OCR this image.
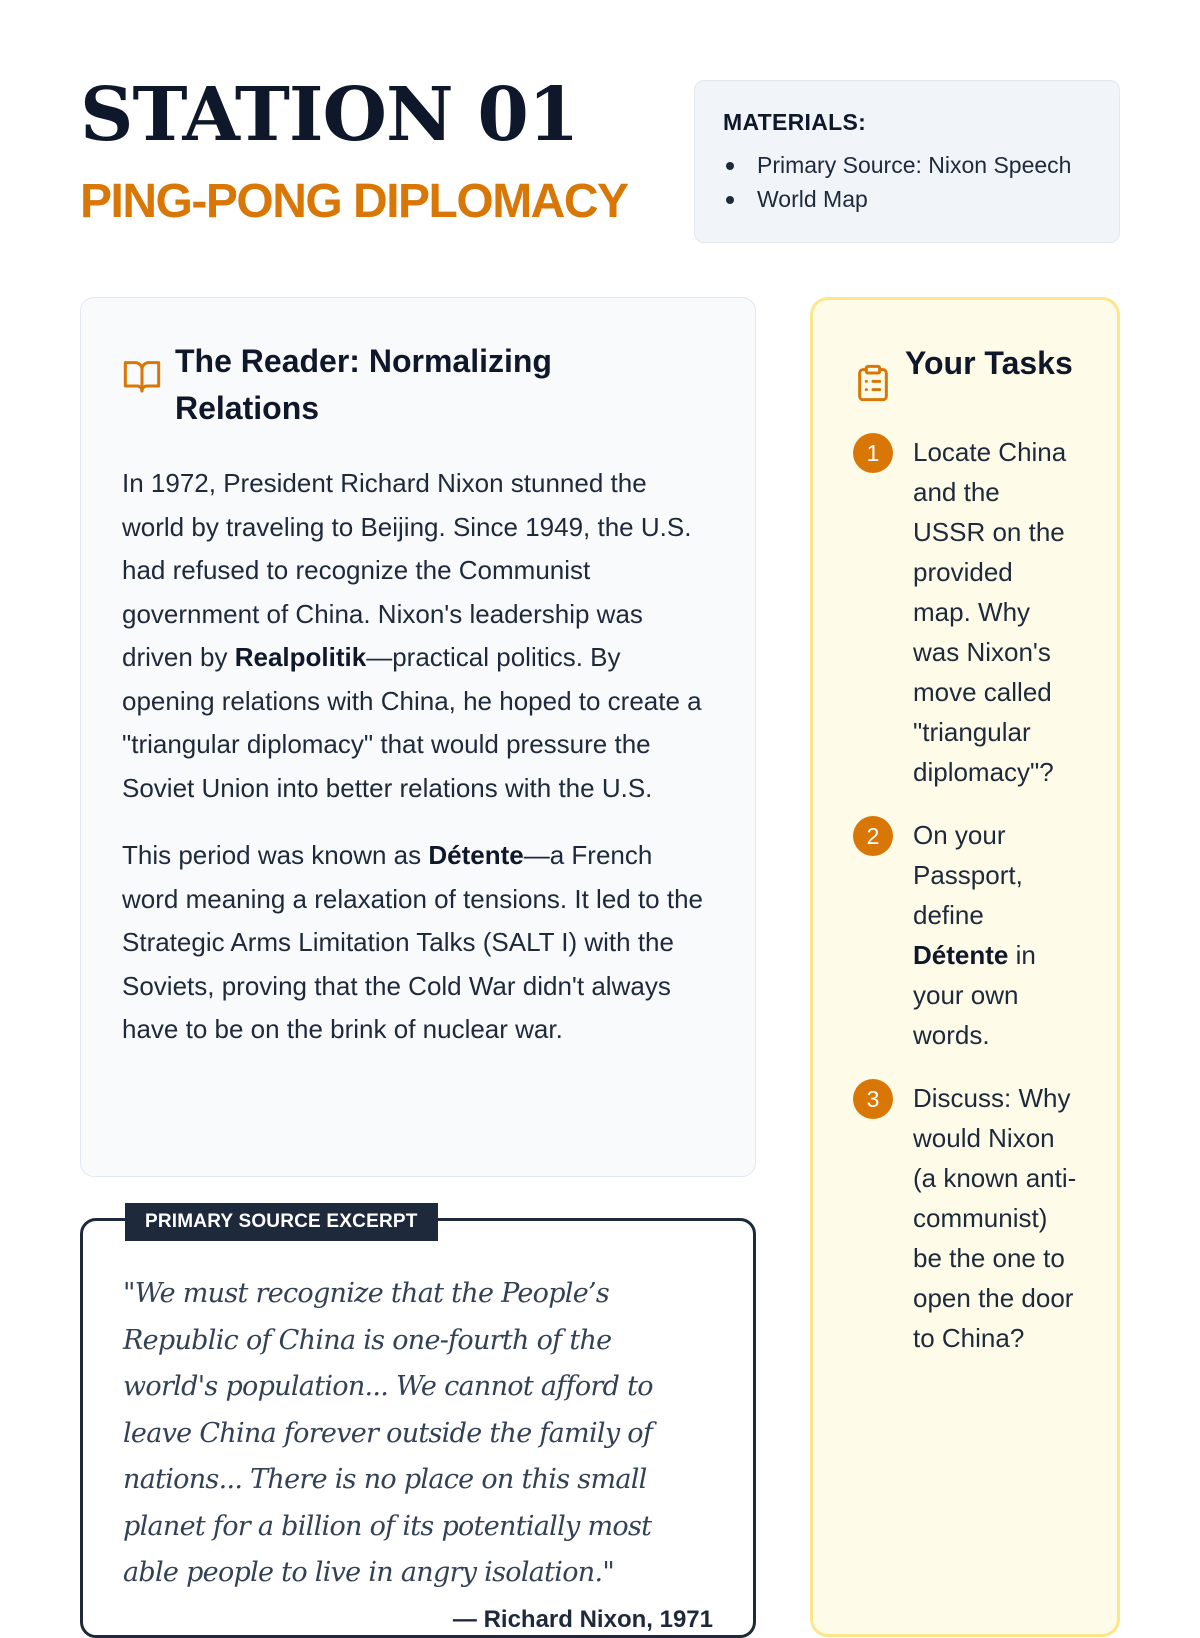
STATION 01
PING-PONG DIPLOMACY
MATERIALS:
Primary Source: Nixon Speech
World Map
The Reader: Normalizing Relations

In 1972, President Richard Nixon stunned the world by traveling to Beijing. Since 1949, the U.S. had refused to recognize the Communist government of China. Nixon's leadership was driven by Realpolitik—practical politics. By opening relations with China, he hoped to create a "triangular diplomacy" that would pressure the Soviet Union into better relations with the U.S.

This period was known as Détente—a French word meaning a relaxation of tensions. It led to the Strategic Arms Limitation Talks (SALT I) with the Soviets, proving that the Cold War didn't always have to be on the brink of nuclear war.

PRIMARY SOURCE EXCERPT
"We must recognize that the People’s Republic of China is one-fourth of the world's population... We cannot afford to leave China forever outside the family of nations... There is no place on this small planet for a billion of its potentially most able people to live in angry isolation."
— Richard Nixon, 1971
Your Tasks
1	Locate China and the USSR on the provided map. Why was Nixon's move called "triangular diplomacy"?
2	On your Passport, define Détente in your own words.
3	Discuss: Why would Nixon (a known anti-communist) be the one to open the door to China?
